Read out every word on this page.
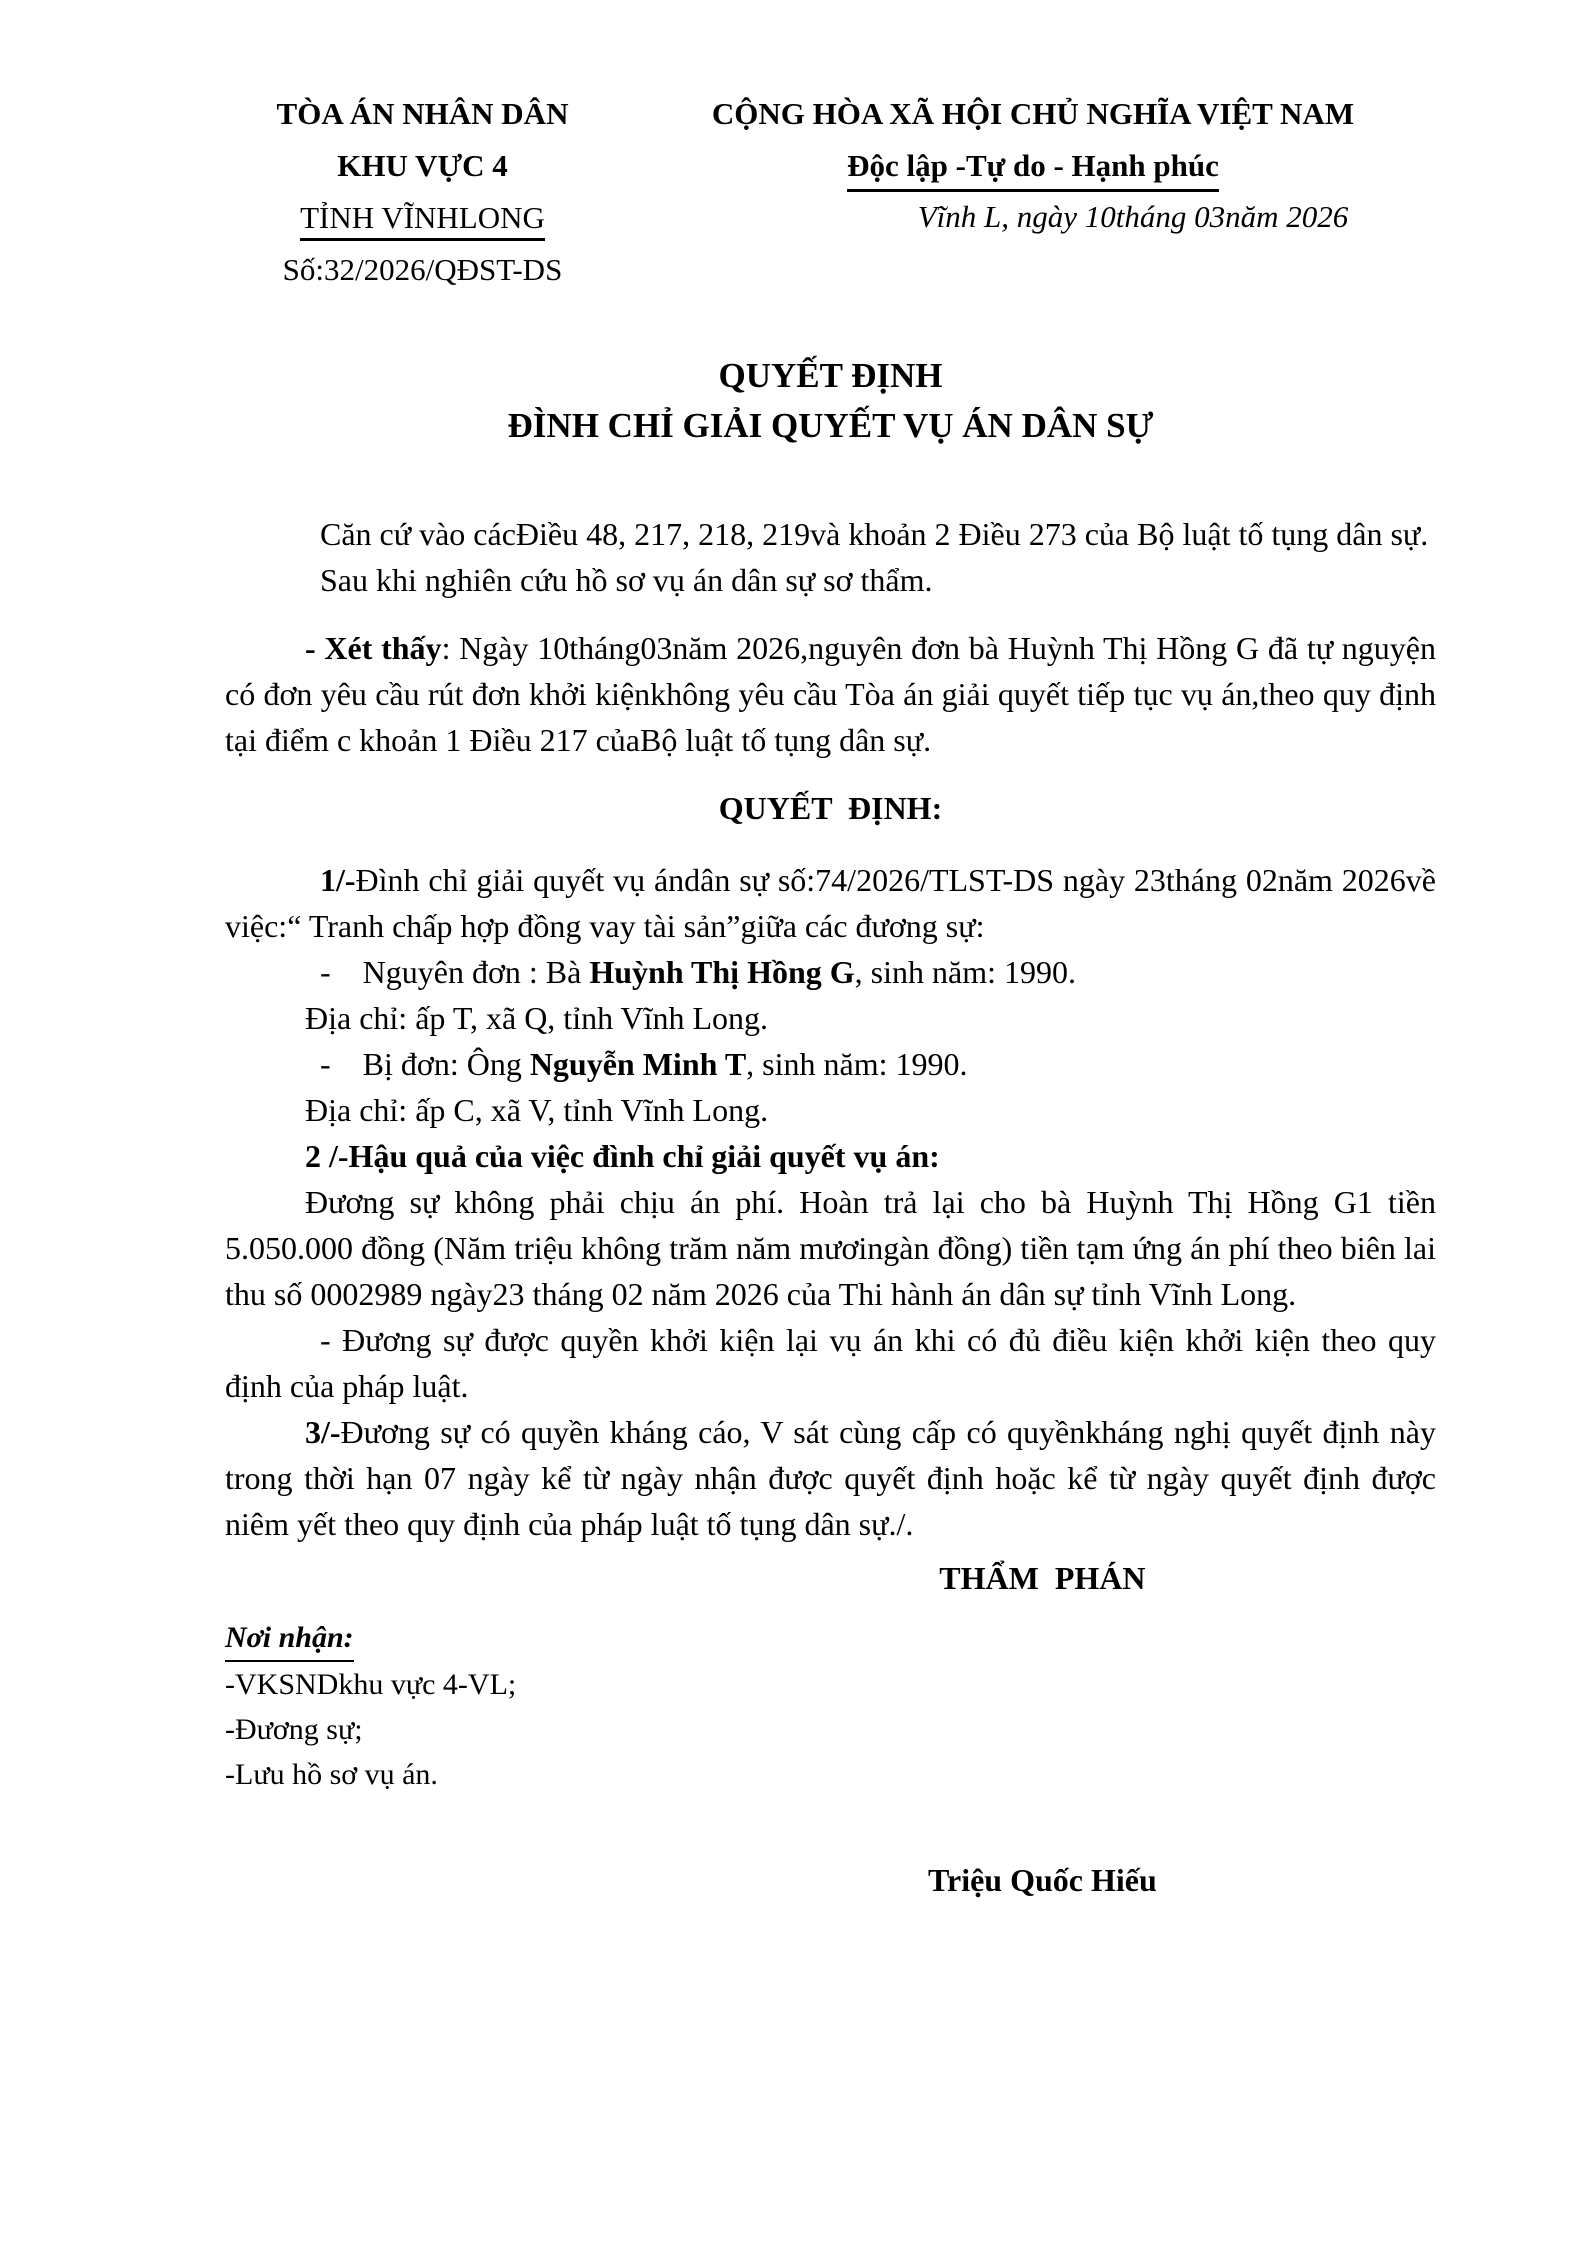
TÒA ÁN NHÂN DÂN
KHU VỰC 4
TỈNH VĨNHLONG
Số:32/2026/QĐST-DS
CỘNG HÒA XÃ HỘI CHỦ NGHĨA VIỆT NAM
Độc lập -Tự do - Hạnh phúc
Vĩnh L, ngày 10tháng 03năm 2026
QUYẾT ĐỊNH
ĐÌNH CHỈ GIẢI QUYẾT VỤ ÁN DÂN SỰ

Căn cứ vào cácĐiều 48, 217, 218, 219và khoản 2 Điều 273 của Bộ luật tố tụng dân sự.

Sau khi nghiên cứu hồ sơ vụ án dân sự sơ thẩm.

- Xét thấy: Ngày 10tháng03năm 2026,nguyên đơn bà Huỳnh Thị Hồng G đã tự nguyện có đơn yêu cầu rút đơn khởi kiệnkhông yêu cầu Tòa án giải quyết tiếp tục vụ án,theo quy định tại điểm c khoản 1 Điều 217 củaBộ luật tố tụng dân sự.

QUYẾT  ĐỊNH:

1/-Đình chỉ giải quyết vụ ándân sự số:74/2026/TLST-DS ngày 23tháng 02năm 2026về việc:“ Tranh chấp hợp đồng vay tài sản”giữa các đương sự:

-    Nguyên đơn : Bà Huỳnh Thị Hồng G, sinh năm: 1990.

Địa chỉ: ấp T, xã Q, tỉnh Vĩnh Long.

-    Bị đơn: Ông Nguyễn Minh T, sinh năm: 1990.

Địa chỉ: ấp C, xã V, tỉnh Vĩnh Long.

2 /-Hậu quả của việc đình chỉ giải quyết vụ án:

Đương sự không phải chịu án phí. Hoàn trả lại cho bà Huỳnh Thị Hồng G1 tiền 5.050.000 đồng (Năm triệu không trăm năm mươingàn đồng) tiền tạm ứng án phí theo biên lai thu số 0002989 ngày23 tháng 02 năm 2026 của Thi hành án dân sự tỉnh Vĩnh Long.

- Đương sự được quyền khởi kiện lại vụ án khi có đủ điều kiện khởi kiện theo quy định của pháp luật.

3/-Đương sự có quyền kháng cáo, V sát cùng cấp có quyềnkháng nghị quyết định này trong thời hạn 07 ngày kể từ ngày nhận được quyết định hoặc kể từ ngày quyết định được niêm yết theo quy định của pháp luật tố tụng dân sự./.

THẨM  PHÁN
Nơi nhận:
-VKSNDkhu vực 4-VL;
-Đương sự;
-Lưu hồ sơ vụ án.
Triệu Quốc Hiếu
